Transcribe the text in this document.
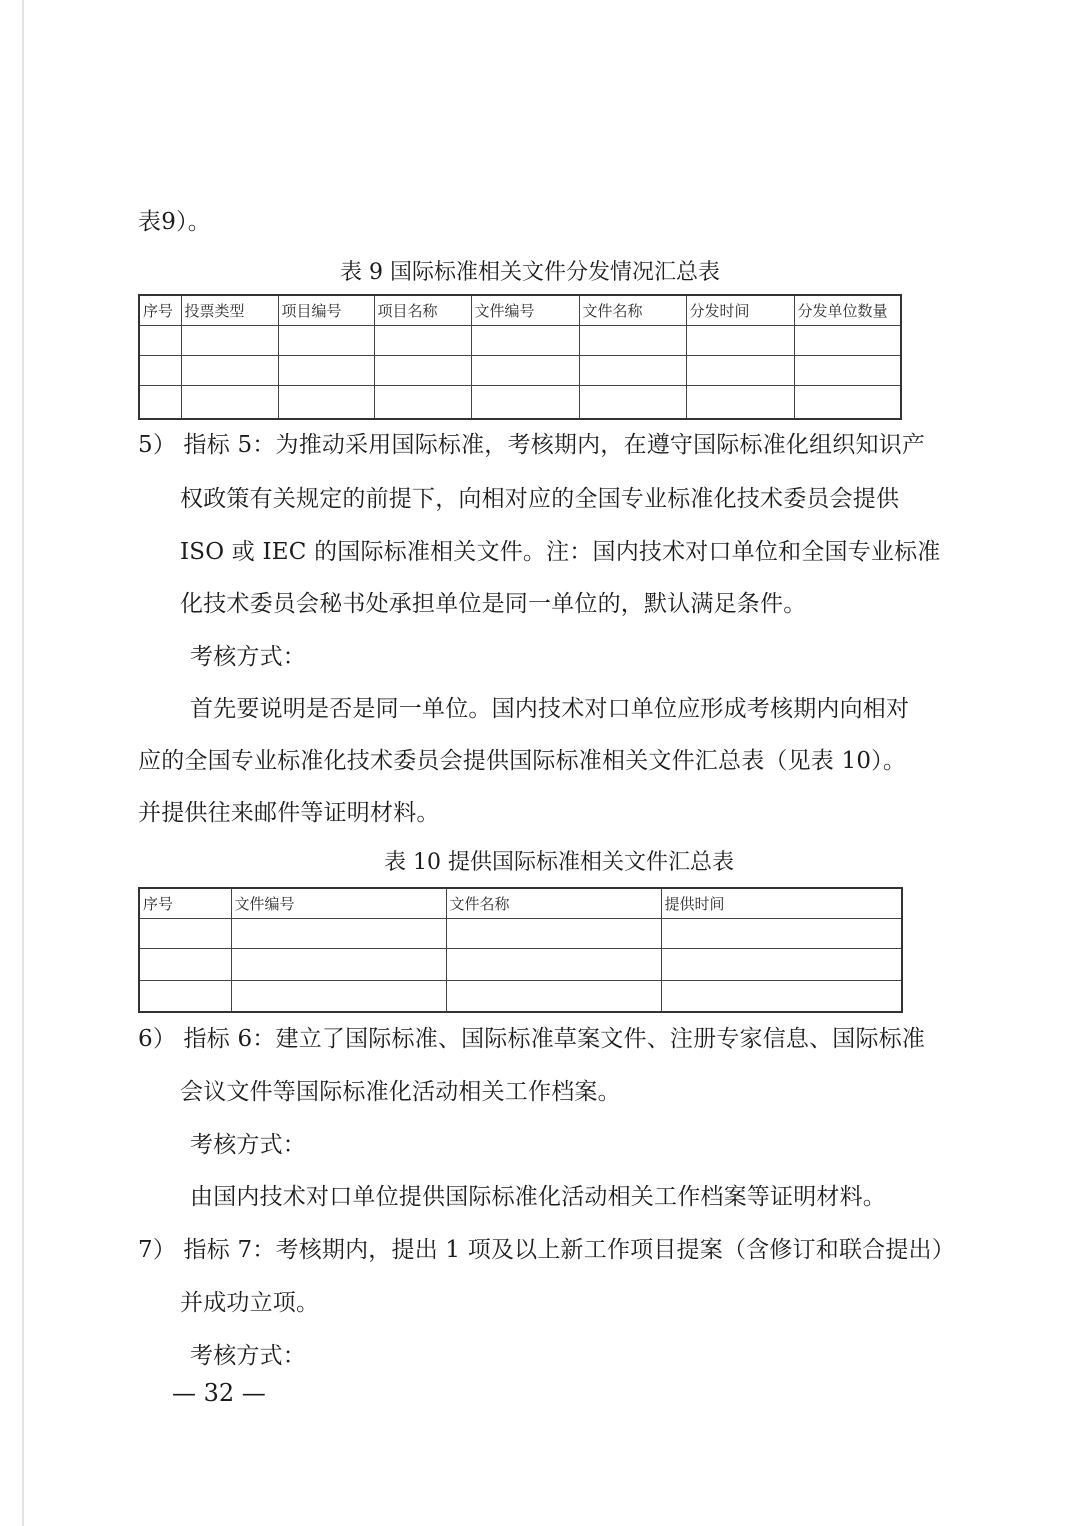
表9）。
表 9 国际标准相关文件分发情况汇总表
序号	投票类型	项目编号	项目名称	文件编号	文件名称	分发时间	分发单位数量

5） 指标 5：为推动采用国际标准，考核期内，在遵守国际标准化组织知识产
权政策有关规定的前提下，向相对应的全国专业标准化技术委员会提供
ISO 或 IEC 的国际标准相关文件。注：国内技术对口单位和全国专业标准
化技术委员会秘书处承担单位是同一单位的，默认满足条件。
考核方式：
首先要说明是否是同一单位。国内技术对口单位应形成考核期内向相对
应的全国专业标准化技术委员会提供国际标准相关文件汇总表（见表 10）。
并提供往来邮件等证明材料。
表 10 提供国际标准相关文件汇总表
序号	文件编号	文件名称	提供时间

6） 指标 6：建立了国际标准、国际标准草案文件、注册专家信息、国际标准
会议文件等国际标准化活动相关工作档案。
考核方式：
由国内技术对口单位提供国际标准化活动相关工作档案等证明材料。
7） 指标 7：考核期内，提出 1 项及以上新工作项目提案（含修订和联合提出）
并成功立项。
考核方式：
— 32 —
